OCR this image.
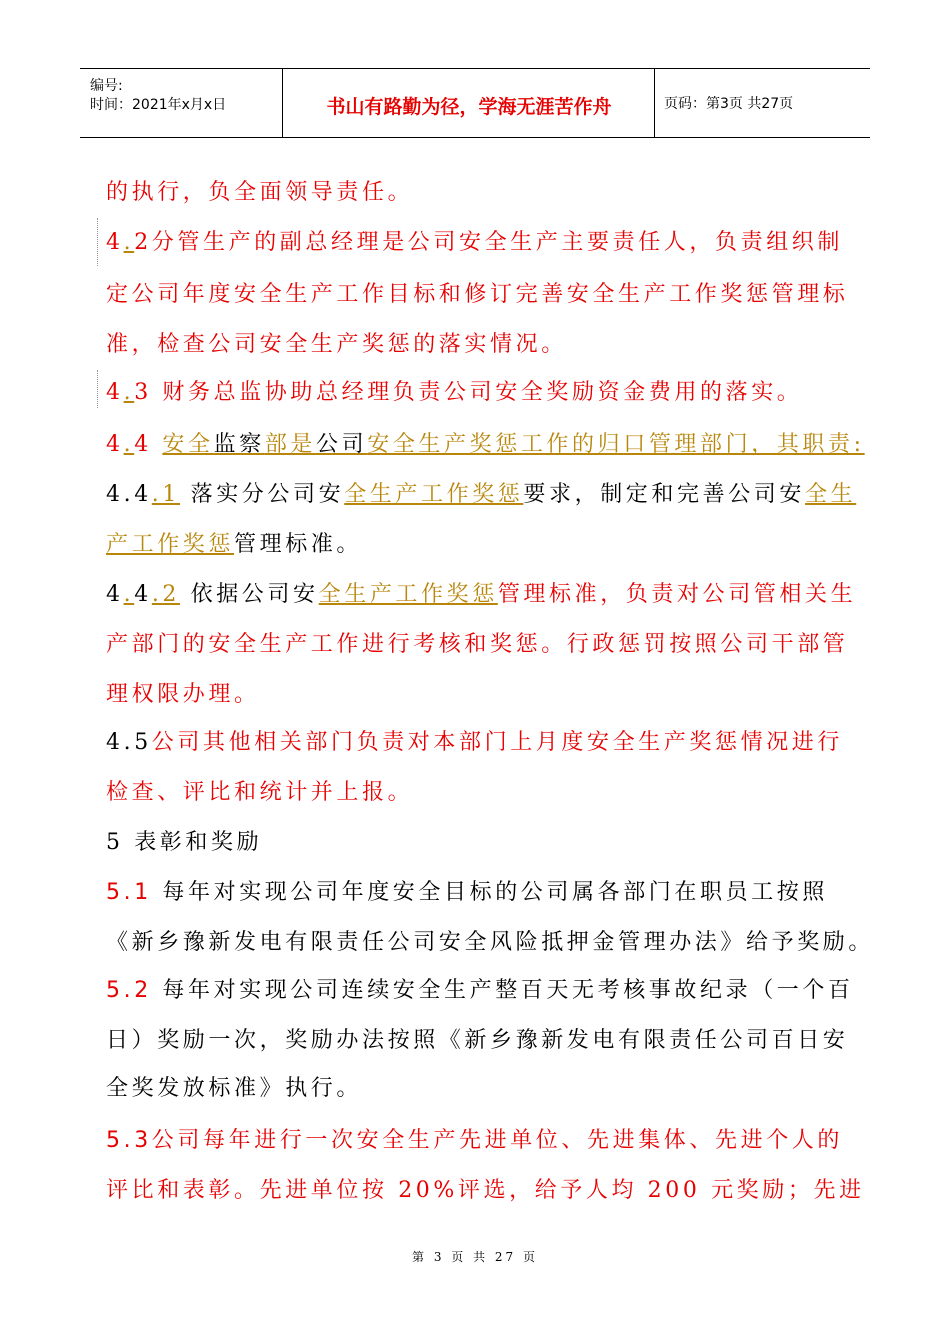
编号:
时间：2021年x月x日	书山有路勤为径，学海无涯苦作舟	页码：第3页 共27页
的执行，负全面领导责任。
4.2分管生产的副总经理是公司安全生产主要责任人，负责组织制
定公司年度安全生产工作目标和修订完善安全生产工作奖惩管理标
准，检查公司安全生产奖惩的落实情况。
4.3 财务总监协助总经理负责公司安全奖励资金费用的落实。
4.4 安全监察部是公司安全生产奖惩工作的归口管理部门，其职责:
4.4.1 落实分公司安全生产工作奖惩要求，制定和完善公司安全生
产工作奖惩管理标准。
4.4.2 依据公司安全生产工作奖惩管理标准，负责对公司管相关生
产部门的安全生产工作进行考核和奖惩。行政惩罚按照公司干部管
理权限办理。
4.5公司其他相关部门负责对本部门上月度安全生产奖惩情况进行
检查、评比和统计并上报。
5 表彰和奖励
5.1 每年对实现公司年度安全目标的公司属各部门在职员工按照
《新乡豫新发电有限责任公司安全风险抵押金管理办法》给予奖励。
5.2 每年对实现公司连续安全生产整百天无考核事故纪录（一个百
日）奖励一次，奖励办法按照《新乡豫新发电有限责任公司百日安
全奖发放标准》执行。
5.3公司每年进行一次安全生产先进单位、先进集体、先进个人的
评比和表彰。先进单位按 20%评选，给予人均 200 元奖励；先进
第 3 页 共 27 页
